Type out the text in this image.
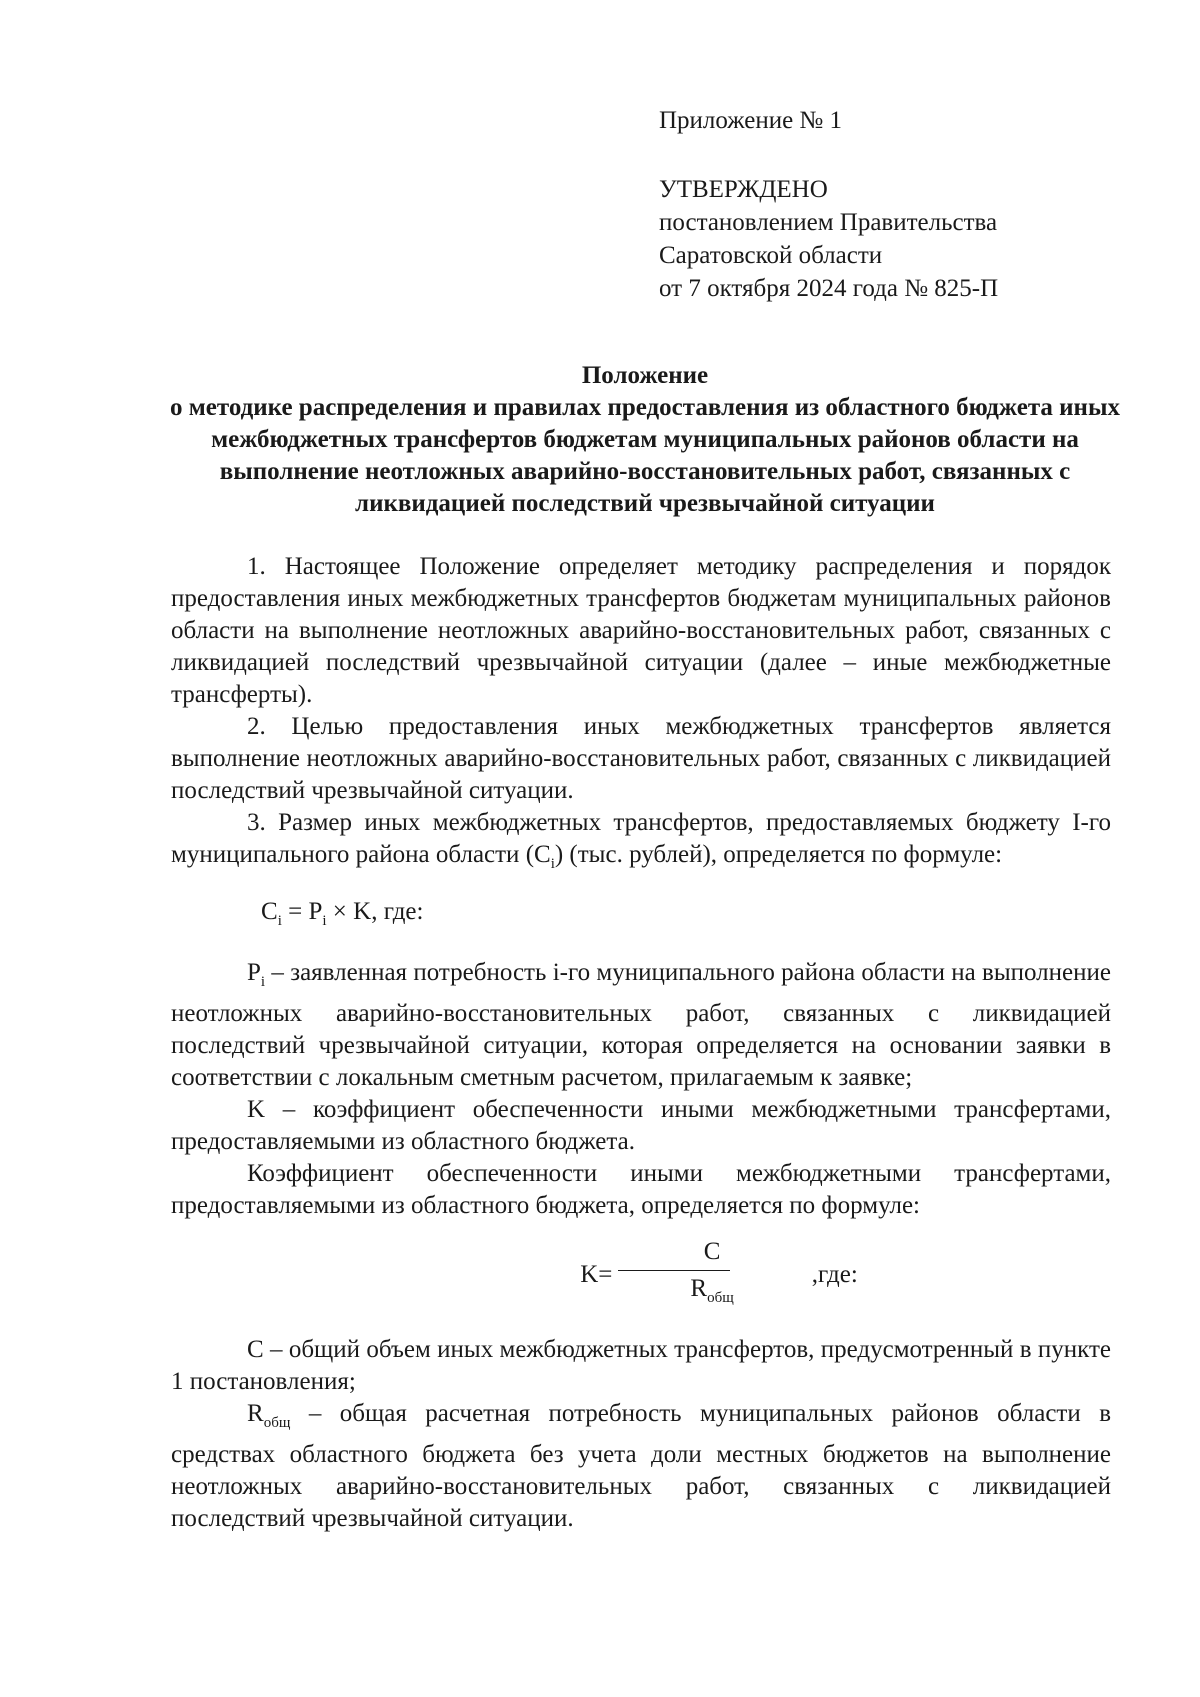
Приложение № 1
УТВЕРЖДЕНО
постановлением Правительства
Саратовской области
от 7 октября 2024 года № 825-П
Положение
о методике распределения и правилах предоставления из областного бюджета иных межбюджетных трансфертов бюджетам муниципальных районов области на выполнение неотложных аварийно-восстановительных работ, связанных с ликвидацией последствий чрезвычайной ситуации

1. Настоящее Положение определяет методику распределения и порядок предоставления иных межбюджетных трансфертов бюджетам муниципальных районов области на выполнение неотложных аварийно-восстановительных работ, связанных с ликвидацией последствий чрезвычайной ситуации (далее – иные межбюджетные трансферты).

2. Целью предоставления иных межбюджетных трансфертов является выполнение неотложных аварийно-восстановительных работ, связанных с ликвидацией последствий чрезвычайной ситуации.

3. Размер иных межбюджетных трансфертов, предоставляемых бюджету I-го муниципального района области $(C_i)$ (тыс. рублей), определяется по формуле:

$C_i = P_i \times K$, где:

$P_i$ – заявленная потребность i-го муниципального района области на выполнение неотложных аварийно-восстановительных работ, связанных с ликвидацией последствий чрезвычайной ситуации, которая определяется на основании заявки в соответствии с локальным сметным расчетом, прилагаемым к заявке;

K – коэффициент обеспеченности иными межбюджетными трансфертами, предоставляемыми из областного бюджета.

Коэффициент обеспеченности иными межбюджетными трансфертами, предоставляемыми из областного бюджета, определяется по формуле:

$K= \frac{C}{R_{общ}}$	,где:

C – общий объем иных межбюджетных трансфертов, предусмотренный в пункте 1 постановления;

$R_{общ}$ – общая расчетная потребность муниципальных районов области в средствах областного бюджета без учета доли местных бюджетов на выполнение неотложных аварийно-восстановительных работ, связанных с ликвидацией последствий чрезвычайной ситуации.
